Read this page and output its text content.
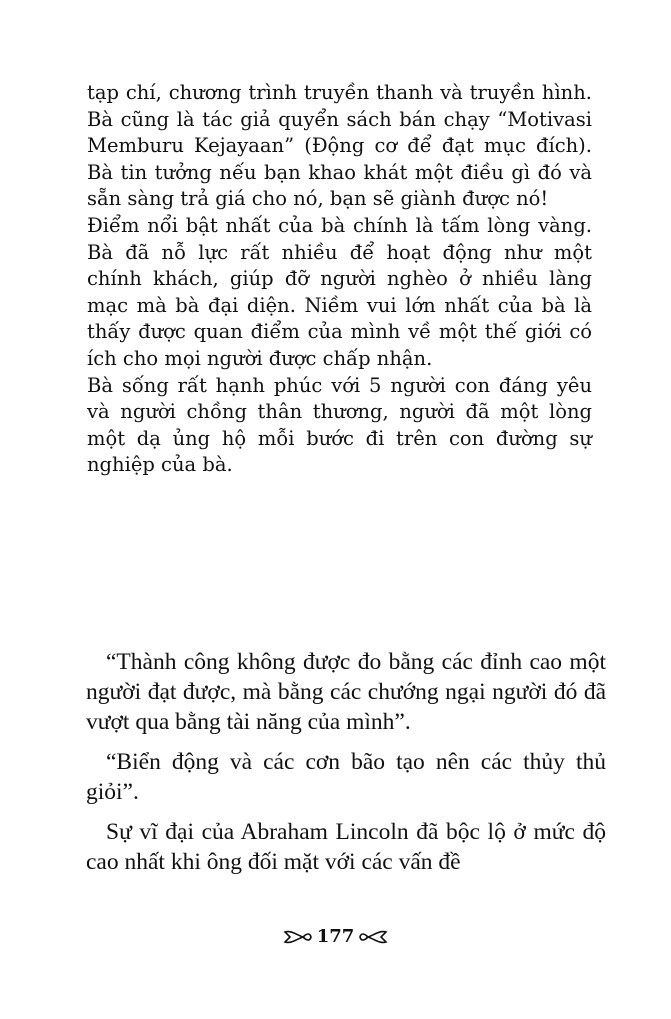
tạp chí, chương trình truyền thanh và truyền hình. Bà cũng là tác giả quyển sách bán chạy “Motivasi Memburu Kejayaan” (Động cơ để đạt mục đích). Bà tin tưởng nếu bạn khao khát một điều gì đó và sẵn sàng trả giá cho nó, bạn sẽ giành được nó!

Điểm nổi bật nhất của bà chính là tấm lòng vàng. Bà đã nỗ lực rất nhiều để hoạt động như một chính khách, giúp đỡ người nghèo ở nhiều làng mạc mà bà đại diện. Niềm vui lớn nhất của bà là thấy được quan điểm của mình về một thế giới có ích cho mọi người được chấp nhận.

Bà sống rất hạnh phúc với 5 người con đáng yêu và người chồng thân thương, người đã một lòng một dạ ủng hộ mỗi bước đi trên con đường sự nghiệp của bà.

“Thành công không được đo bằng các đỉnh cao một người đạt được, mà bằng các chướng ngại người đó đã vượt qua bằng tài năng của mình”.

“Biển động và các cơn bão tạo nên các thủy thủ giỏi”.

Sự vĩ đại của Abraham Lincoln đã bộc lộ ở mức độ cao nhất khi ông đối mặt với các vấn đề

177
